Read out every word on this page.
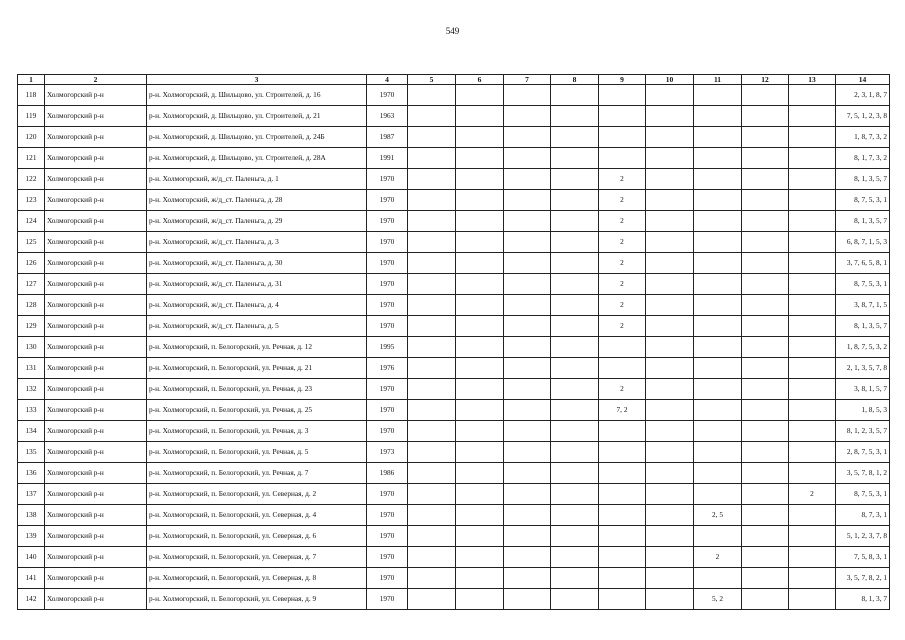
549
1	2	3	4	5	6	7	8	9	10	11	12	13	14
118	Холмогорский р-н	р-н. Холмогорский, д. Шильцово, ул. Строителей, д. 16	1970										2, 3, 1, 8, 7
119	Холмогорский р-н	р-н. Холмогорский, д. Шильцово, ул. Строителей, д. 21	1963										7, 5, 1, 2, 3, 8
120	Холмогорский р-н	р-н. Холмогорский, д. Шильцово, ул. Строителей, д. 24Б	1987										1, 8, 7, 3, 2
121	Холмогорский р-н	р-н. Холмогорский, д. Шильцово, ул. Строителей, д. 28А	1991										8, 1, 7, 3, 2
122	Холмогорский р-н	р-н. Холмогорский, ж/д_ст. Паленьга, д. 1	1970					2					8, 1, 3, 5, 7
123	Холмогорский р-н	р-н. Холмогорский, ж/д_ст. Паленьга, д. 28	1970					2					8, 7, 5, 3, 1
124	Холмогорский р-н	р-н. Холмогорский, ж/д_ст. Паленьга, д. 29	1970					2					8, 1, 3, 5, 7
125	Холмогорский р-н	р-н. Холмогорский, ж/д_ст. Паленьга, д. 3	1970					2					6, 8, 7, 1, 5, 3
126	Холмогорский р-н	р-н. Холмогорский, ж/д_ст. Паленьга, д. 30	1970					2					3, 7, 6, 5, 8, 1
127	Холмогорский р-н	р-н. Холмогорский, ж/д_ст. Паленьга, д. 31	1970					2					8, 7, 5, 3, 1
128	Холмогорский р-н	р-н. Холмогорский, ж/д_ст. Паленьга, д. 4	1970					2					3, 8, 7, 1, 5
129	Холмогорский р-н	р-н. Холмогорский, ж/д_ст. Паленьга, д. 5	1970					2					8, 1, 3, 5, 7
130	Холмогорский р-н	р-н. Холмогорский, п. Белогорский, ул. Речная, д. 12	1995										1, 8, 7, 5, 3, 2
131	Холмогорский р-н	р-н. Холмогорский, п. Белогорский, ул. Речная, д. 21	1976										2, 1, 3, 5, 7, 8
132	Холмогорский р-н	р-н. Холмогорский, п. Белогорский, ул. Речная, д. 23	1970					2					3, 8, 1, 5, 7
133	Холмогорский р-н	р-н. Холмогорский, п. Белогорский, ул. Речная, д. 25	1970					7, 2					1, 8, 5, 3
134	Холмогорский р-н	р-н. Холмогорский, п. Белогорский, ул. Речная, д. 3	1970										8, 1, 2, 3, 5, 7
135	Холмогорский р-н	р-н. Холмогорский, п. Белогорский, ул. Речная, д. 5	1973										2, 8, 7, 5, 3, 1
136	Холмогорский р-н	р-н. Холмогорский, п. Белогорский, ул. Речная, д. 7	1986										3, 5, 7, 8, 1, 2
137	Холмогорский р-н	р-н. Холмогорский, п. Белогорский, ул. Северная, д. 2	1970									2	8, 7, 5, 3, 1
138	Холмогорский р-н	р-н. Холмогорский, п. Белогорский, ул. Северная, д. 4	1970							2, 5			8, 7, 3, 1
139	Холмогорский р-н	р-н. Холмогорский, п. Белогорский, ул. Северная, д. 6	1970										5, 1, 2, 3, 7, 8
140	Холмогорский р-н	р-н. Холмогорский, п. Белогорский, ул. Северная, д. 7	1970							2			7, 5, 8, 3, 1
141	Холмогорский р-н	р-н. Холмогорский, п. Белогорский, ул. Северная, д. 8	1970										3, 5, 7, 8, 2, 1
142	Холмогорский р-н	р-н. Холмогорский, п. Белогорский, ул. Северная, д. 9	1970							5, 2			8, 1, 3, 7
